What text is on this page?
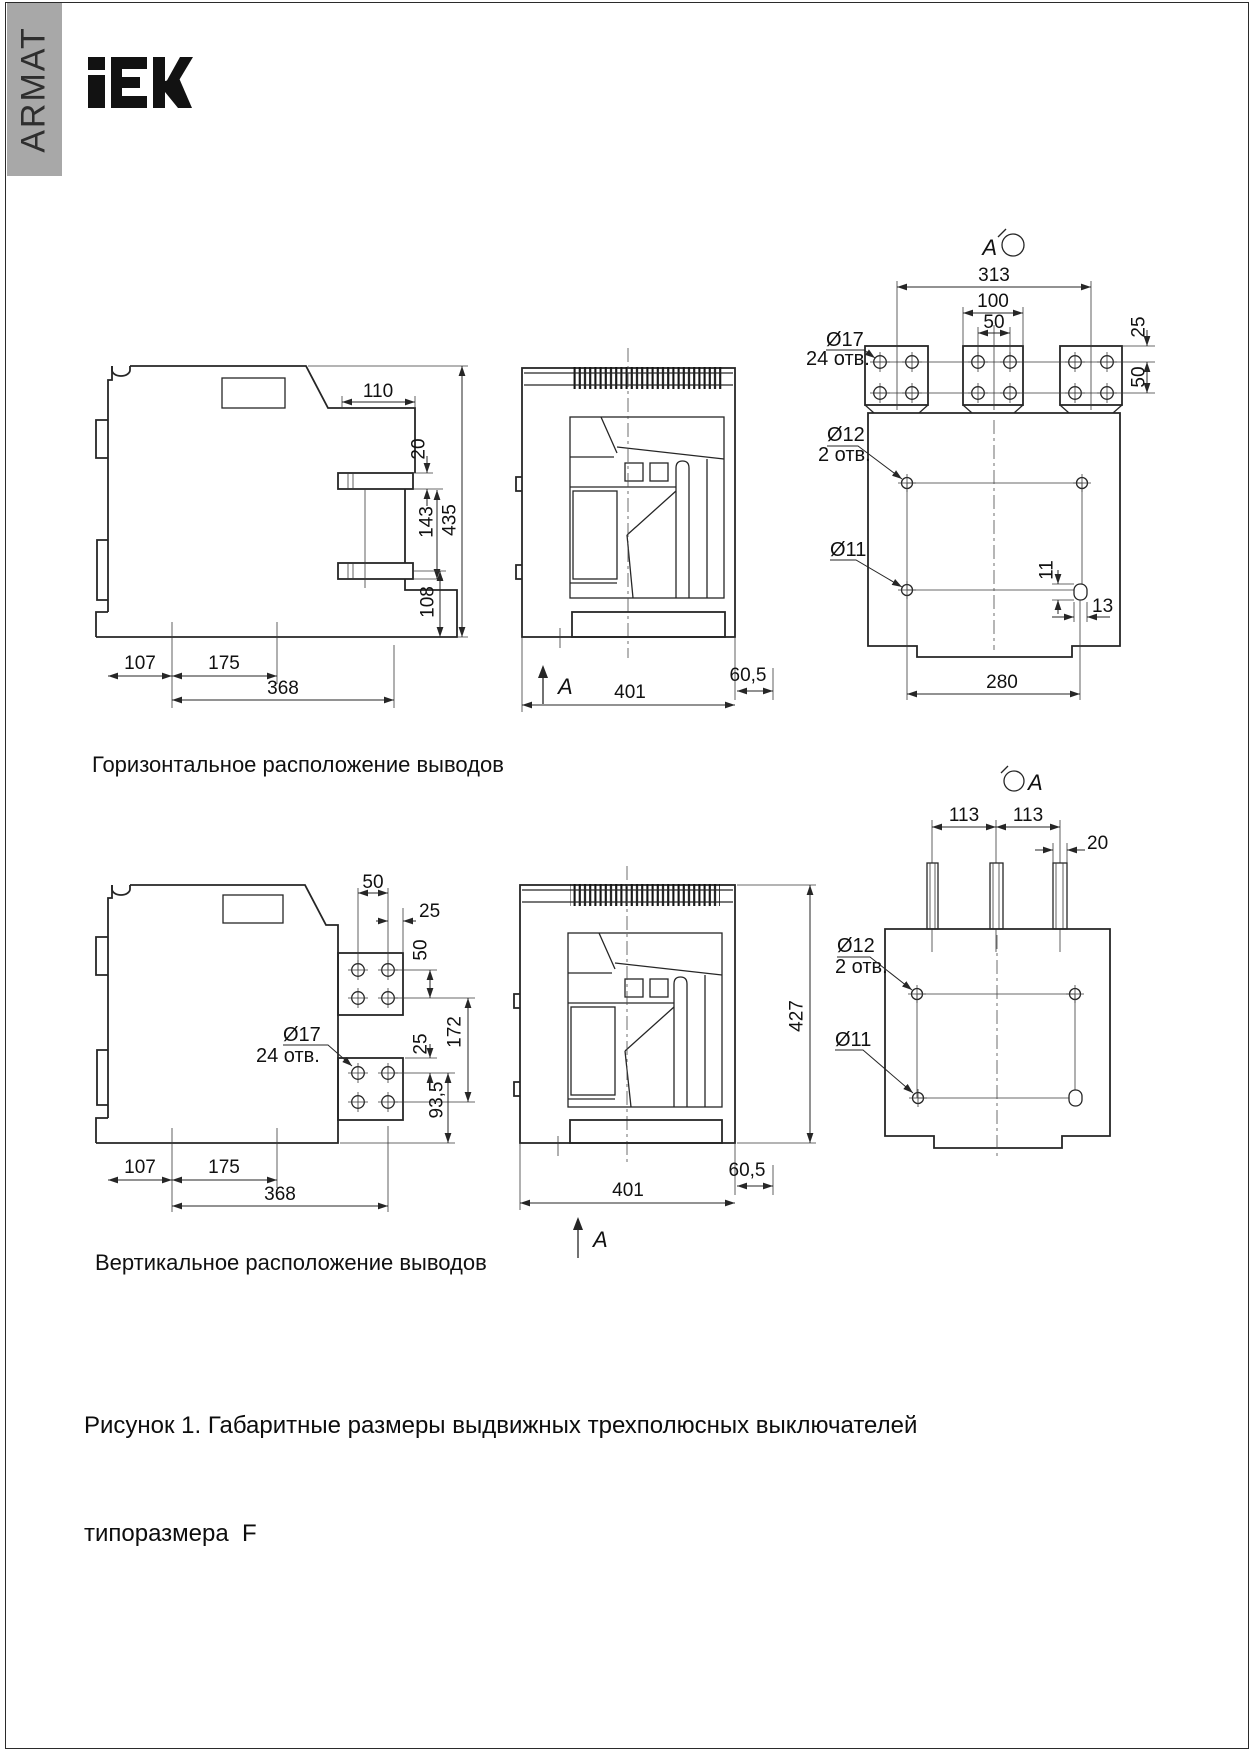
ARMAT
Горизонтальное расположение выводов
Вертикальное расположение выводов

Рисунок 1. Габаритные размеры выдвижных трехполюсных выключателей

типоразмера  F

110
20
143
108
435
107	175
368	401
60,5
A
A
313
100
50	25
50
Ø17
24 отв.
Ø12
2 отв.
Ø11
11
13
280
50
25
50
172
25
93,5
Ø17
24 отв.
107	175
368	401
60,5
A
427
A
113 113
20
Ø12
2 отв.
Ø11
